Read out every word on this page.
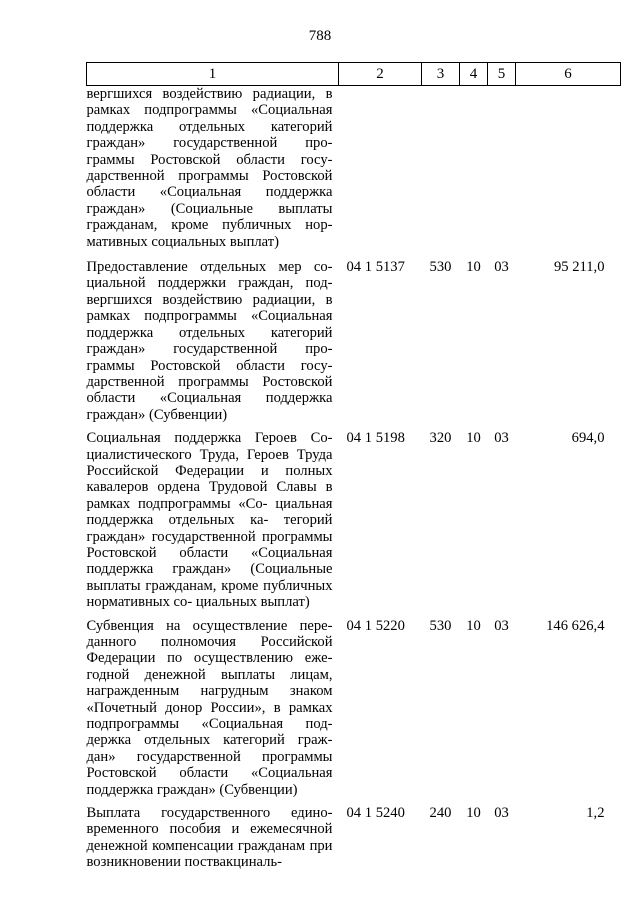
788
1	2	3	4	5	6
вергшихся воздействию радиации, в рамках подпрограммы «Социальная поддержка отдельных категорий граждан» государственной про- граммы Ростовской области госу- дарственной программы Ростовской области «Социальная поддержка граждан» (Социальные выплаты гражданам, кроме публичных нор- мативных социальных выплат)					
Предоставление отдельных мер со- циальной поддержки граждан, под- вергшихся воздействию радиации, в рамках подпрограммы «Социальная поддержка отдельных категорий граждан» государственной про- граммы Ростовской области госу- дарственной программы Ростовской области «Социальная поддержка граждан» (Субвенции)	04 1 5137	530	10	03	95 211,0
Социальная поддержка Героев Со- циалистического Труда, Героев Труда Российской Федерации и полных кавалеров ордена Трудовой Славы в рамках подпрограммы «Со- циальная поддержка отдельных ка- тегорий граждан» государственной программы Ростовской области «Социальная поддержка граждан» (Социальные выплаты гражданам, кроме публичных нормативных со- циальных выплат)	04 1 5198	320	10	03	694,0
Субвенция на осуществление пере- данного полномочия Российской Федерации по осуществлению еже- годной денежной выплаты лицам, награжденным нагрудным знаком «Почетный донор России», в рамках подпрограммы «Социальная под- держка отдельных категорий граж- дан» государственной программы Ростовской области «Социальная поддержка граждан» (Субвенции)	04 1 5220	530	10	03	146 626,4
Выплата государственного едино- временного пособия и ежемесячной денежной компенсации гражданам при возникновении поствакциналь-	04 1 5240	240	10	03	1,2
